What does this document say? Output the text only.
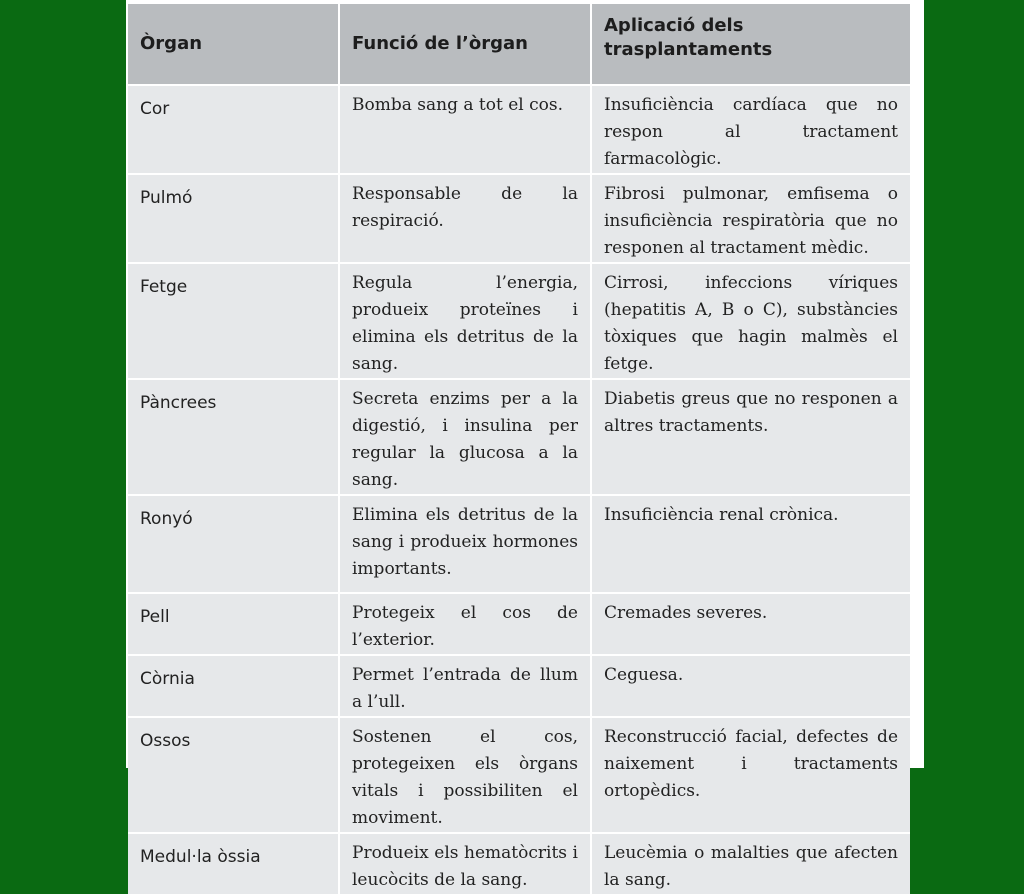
Òrgan	Funció de l’òrgan	Aplicació dels trasplantaments
Cor	Bomba sang a tot el cos.	Insuficiència cardíaca que no respon al tractament farmacològic.
Pulmó	Responsable de la respiració.	Fibrosi pulmonar, emfisema o insuficiència respiratòria que no responen al tractament mèdic.
Fetge	Regula l’energia, produeix proteïnes i elimina els detritus de la sang.	Cirrosi, infeccions víriques (hepatitis A, B o C), substàncies tòxiques que hagin malmès el fetge.
Pàncrees	Secreta enzims per a la digestió, i insulina per regular la glucosa a la sang.	Diabetis greus que no responen a altres tractaments.
Ronyó	Elimina els detritus de la sang i produeix hormones importants.	Insuficiència renal crònica.
Pell	Protegeix el cos de l’exterior.	Cremades severes.
Còrnia	Permet l’entrada de llum a l’ull.	Ceguesa.
Ossos	Sostenen el cos, protegeixen els òrgans vitals i possibiliten el moviment.	Reconstrucció facial, defectes de naixement i tractaments ortopèdics.
Medul·la òssia	Produeix els hematòcrits i leucòcits de la sang.	Leucèmia o malalties que afecten la sang.
